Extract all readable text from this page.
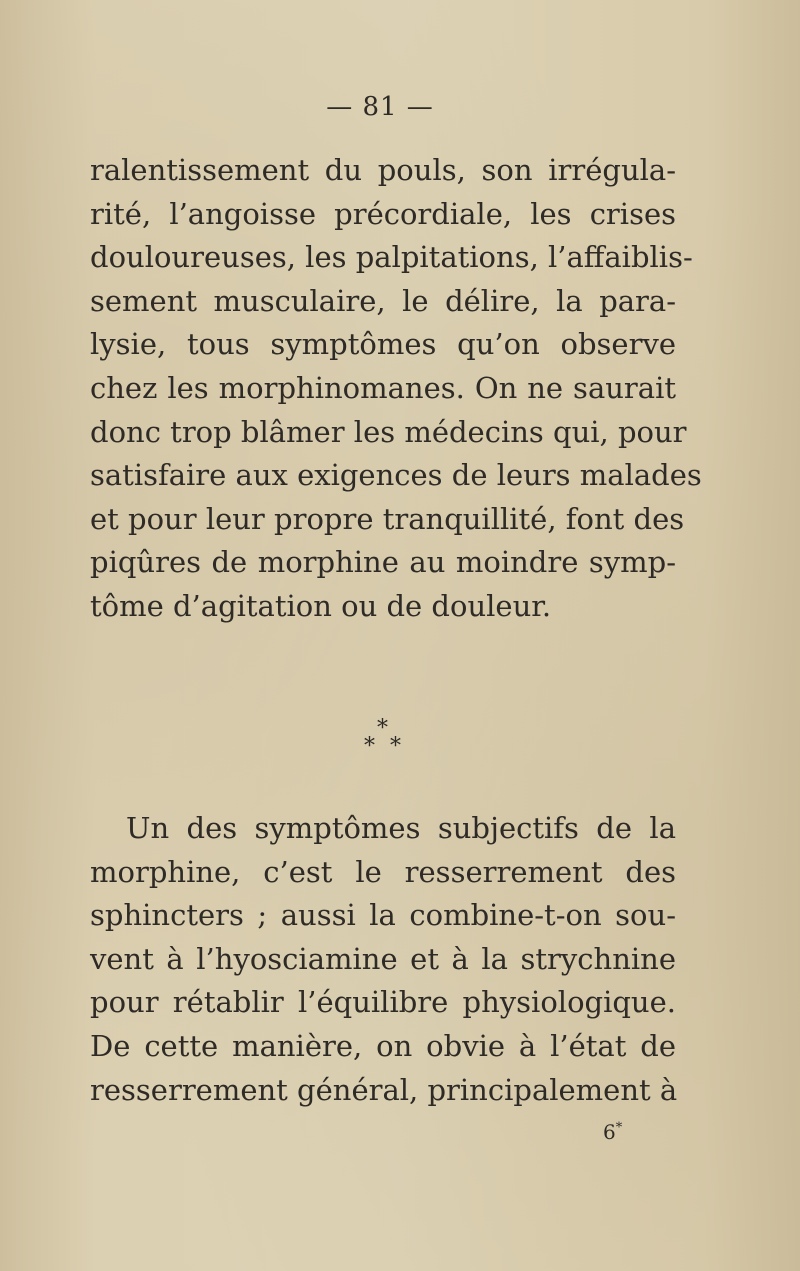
— 81 —
ralentissement du pouls, son irrégula-
rité, l’angoisse précordiale, les crises
douloureuses, les palpitations, l’affaiblis-
sement musculaire, le délire, la para-
lysie, tous symptômes qu’on observe
chez les morphinomanes. On ne saurait
donc trop blâmer les médecins qui, pour
satisfaire aux exigences de leurs malades
et pour leur propre tranquillité, font des
piqûres de morphine au moindre symp-
tôme d’agitation ou de douleur.
*
* *
Un des symptômes subjectifs de la
morphine, c’est le resserrement des
sphincters ; aussi la combine-t-on sou-
vent à l’hyosciamine et à la strychnine
pour rétablir l’équilibre physiologique.
De cette manière, on obvie à l’état de
resserrement général, principalement à
6*
